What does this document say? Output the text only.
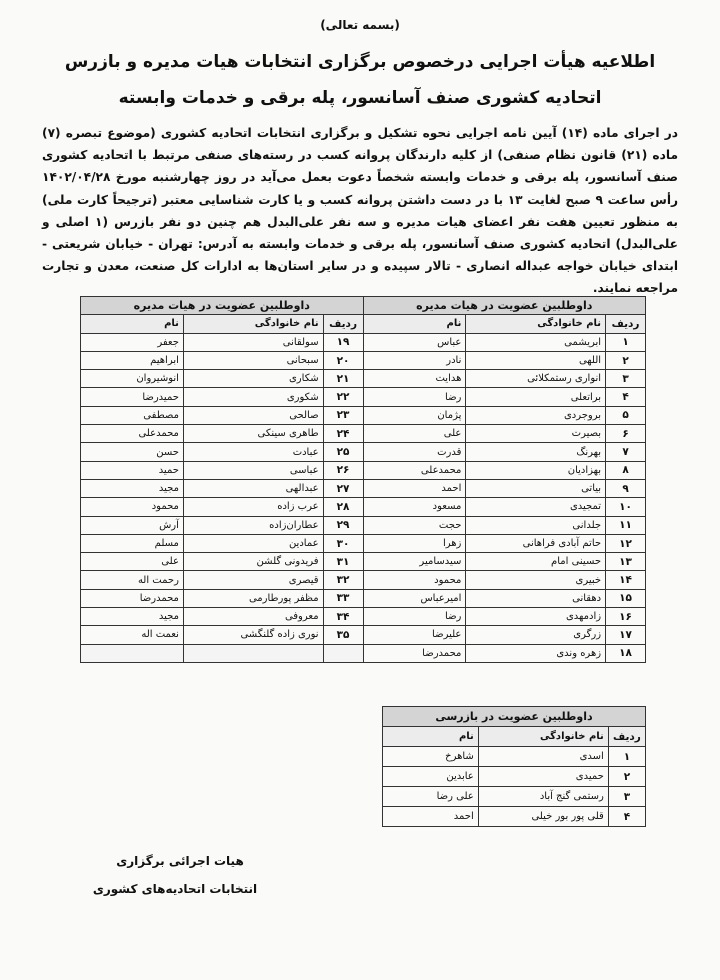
(بسمه تعالی)
اطلاعیه هیأت اجرایی درخصوص برگزاری انتخابات هیات مدیره و بازرس
اتحادیه کشوری صنف آسانسور، پله برقی و خدمات وابسته
در اجرای ماده (۱۴) آیین نامه اجرایی نحوه تشکیل و برگزاری انتخابات اتحادیه کشوری (موضوع تبصره (۷) ماده (۲۱) قانون نظام صنفی) از کلیه دارندگان پروانه کسب در رسته‌های صنفی مرتبط با اتحادیه کشوری صنف آسانسور، پله برقی و خدمات وابسته شخصاً دعوت بعمل می‌آید در روز چهارشنبه مورخ ۱۴۰۲/۰۴/۲۸ رأس ساعت ۹ صبح لغایت ۱۳ با در دست داشتن پروانه کسب و یا کارت شناسایی معتبر (ترجیحاً کارت ملی) به منظور تعیین هفت نفر اعضای هیات مدیره و سه نفر علی‌البدل هم چنین دو نفر بازرس (۱ اصلی و علی‌البدل) اتحادیه کشوری صنف آسانسور، پله برقی و خدمات وابسته به آدرس: تهران - خیابان شریعتی - ابتدای خیابان خواجه عبداله انصاری - تالار سپیده و در سایر استان‌ها به ادارات کل صنعت، معدن و تجارت مراجعه نمایند.
داوطلبین عضویت در هیات مدیره			داوطلبین عضویت در هیات مدیره		
ردیف	نام خانوادگی	نام	ردیف	نام خانوادگی	نام
۱	ابریشمی	عباس	۱۹	سولقانی	جعفر
۲	اللهی	نادر	۲۰	سبحانی	ابراهیم
۳	انواری رستمکلائی	هدایت	۲۱	شکاری	انوشیروان
۴	براتعلی	رضا	۲۲	شکوری	حمیدرضا
۵	بروجردی	پژمان	۲۳	صالحی	مصطفی
۶	بصیرت	علی	۲۴	طاهری سینکی	محمدعلی
۷	بهرنگ	قدرت	۲۵	عبادت	حسن
۸	بهزادیان	محمدعلی	۲۶	عباسی	حمید
۹	بیاتی	احمد	۲۷	عبدالهی	مجید
۱۰	تمجیدی	مسعود	۲۸	عرب زاده	محمود
۱۱	جلدانی	حجت	۲۹	عطاران‌زاده	آرش
۱۲	حاتم آبادی فراهانی	زهرا	۳۰	عمادین	مسلم
۱۳	حسینی امام	سیدسامیر	۳۱	فریدونی گلشن	علی
۱۴	خبیری	محمود	۳۲	قیصری	رحمت اله
۱۵	دهقانی	امیرعباس	۳۳	مظفر پورطارمی	محمدرضا
۱۶	زادمهدی	رضا	۳۴	معروفی	مجید
۱۷	زرگری	علیرضا	۳۵	نوری زاده گلنگشی	نعمت اله
۱۸	زهره وندی	محمدرضا			
داوطلبین عضویت در بازرسی		
ردیف	نام خانوادگی	نام
۱	اسدی	شاهرخ
۲	حمیدی	عابدین
۳	رستمی گنج آباد	علی رضا
۴	قلی پور بور خیلی	احمد
هیات اجرائی برگزاری
انتخابات اتحادیه‌های کشوری
